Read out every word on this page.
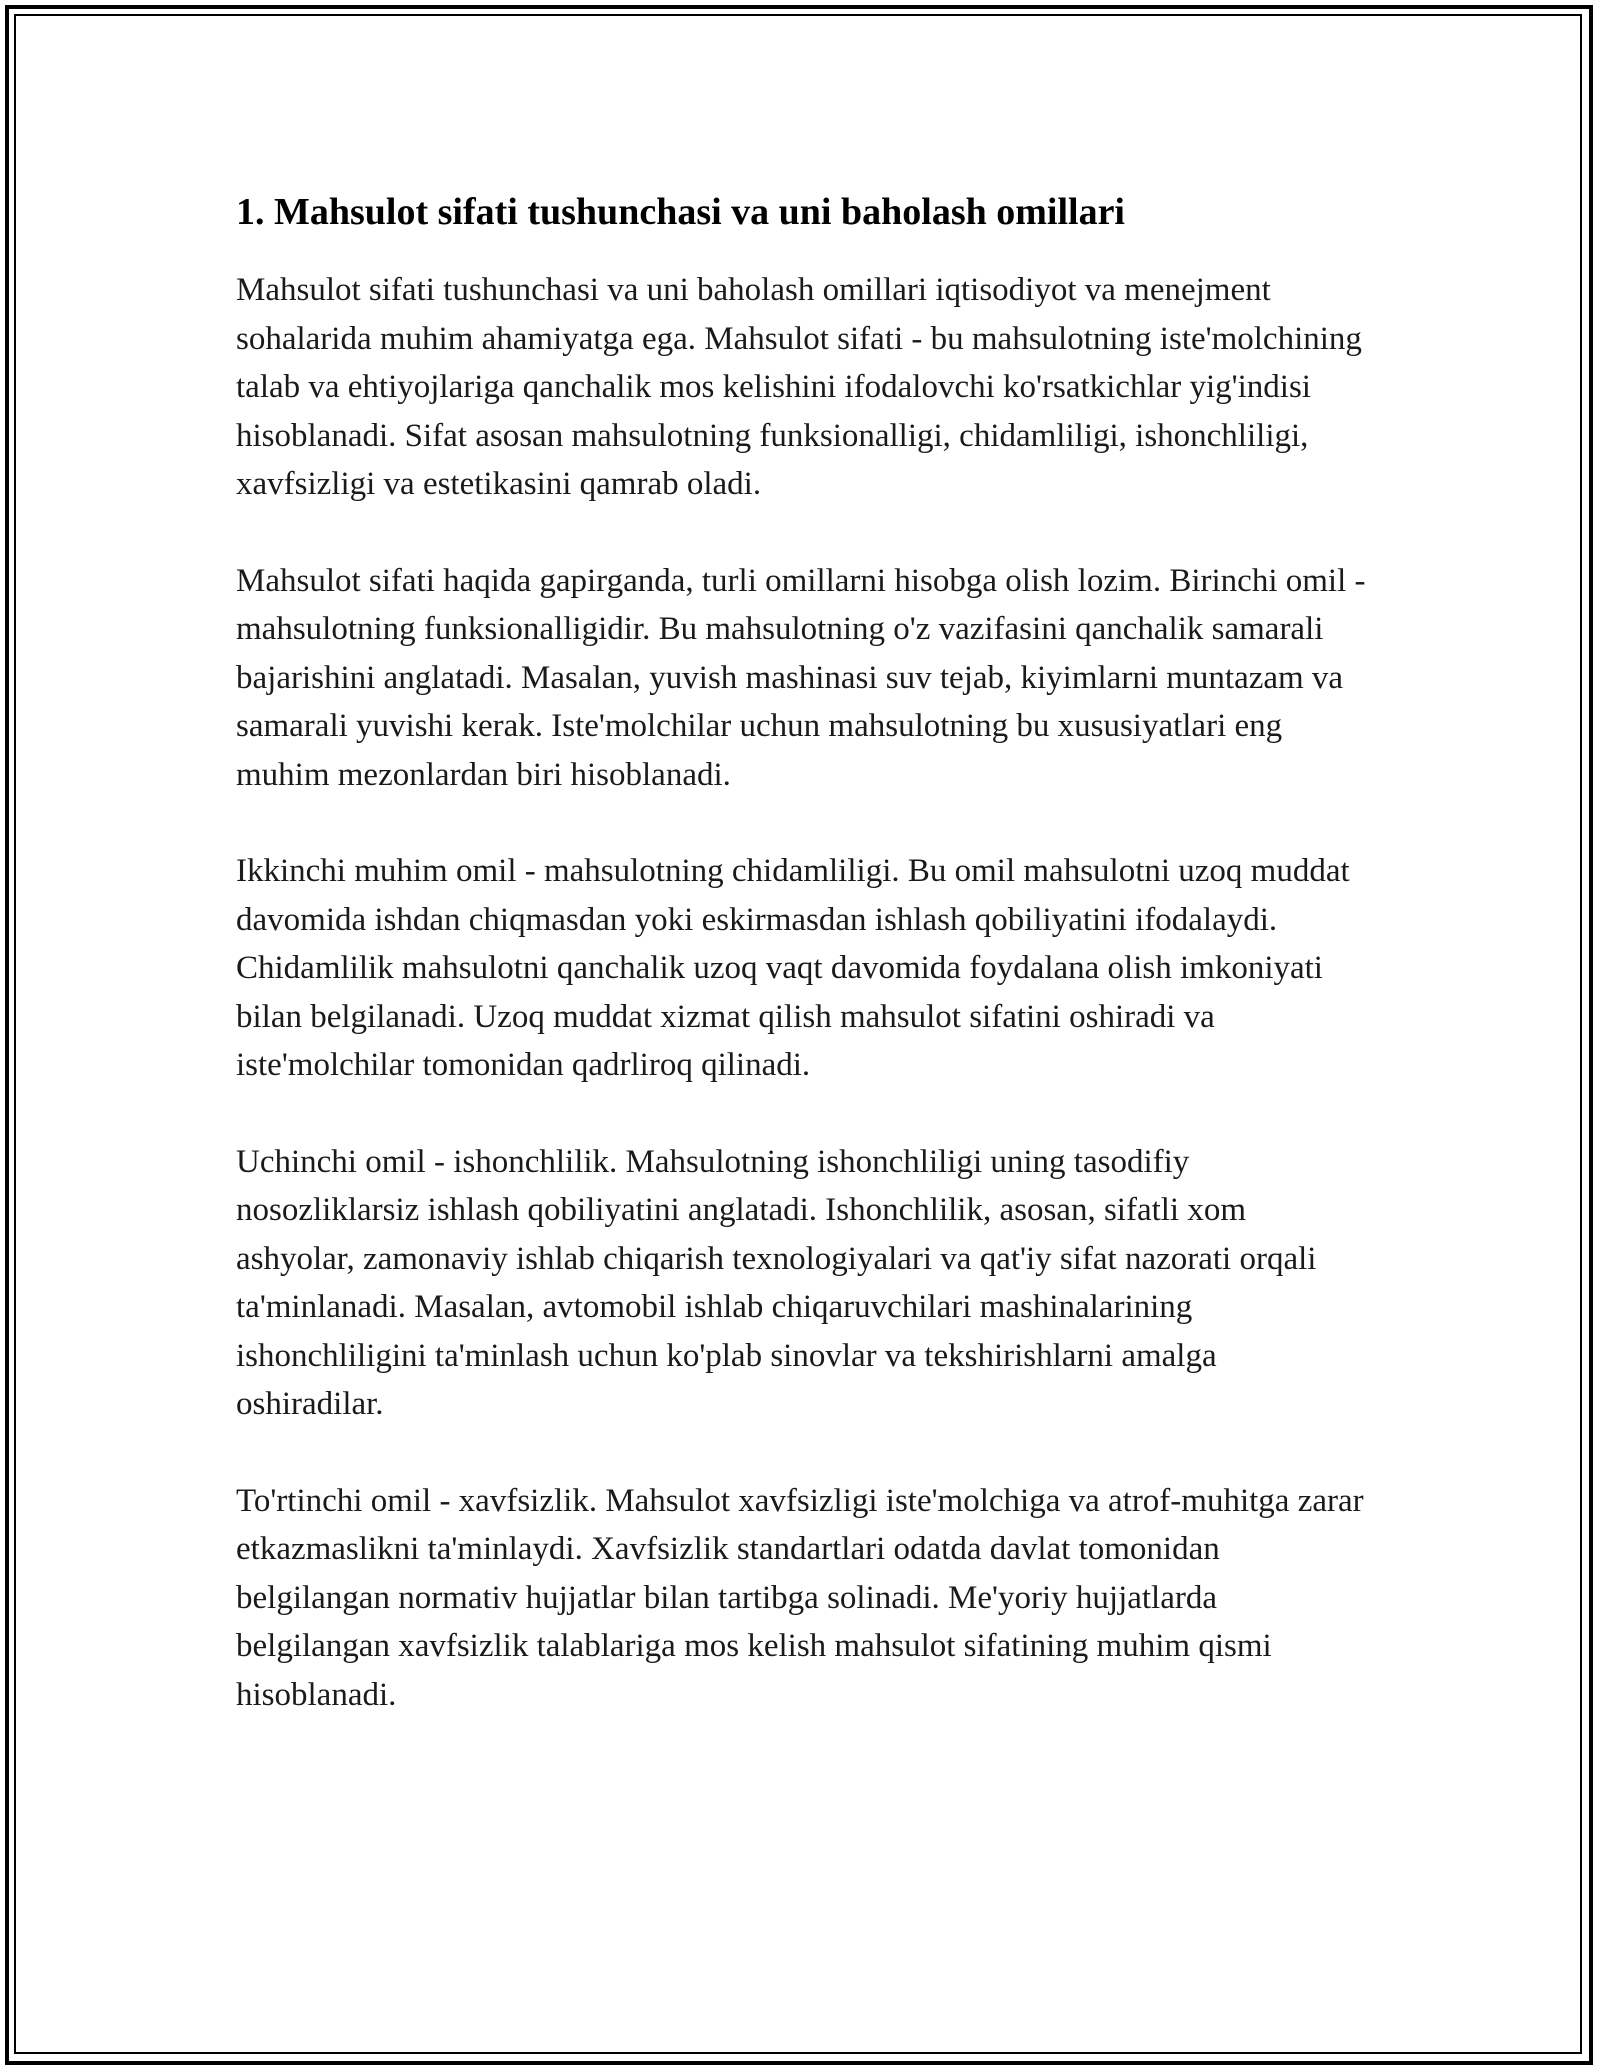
1. Mahsulot sifati tushunchasi va uni baholash omillari

Mahsulot sifati tushunchasi va uni baholash omillari iqtisodiyot va menejment sohalarida muhim ahamiyatga ega. Mahsulot sifati - bu mahsulotning iste'molchining talab va ehtiyojlariga qanchalik mos kelishini ifodalovchi ko'rsatkichlar yig'indisi hisoblanadi. Sifat asosan mahsulotning funksionalligi, chidamliligi, ishonchliligi, xavfsizligi va estetikasini qamrab oladi.

Mahsulot sifati haqida gapirganda, turli omillarni hisobga olish lozim. Birinchi omil - mahsulotning funksionalligidir. Bu mahsulotning o'z vazifasini qanchalik samarali bajarishini anglatadi. Masalan, yuvish mashinasi suv tejab, kiyimlarni muntazam va samarali yuvishi kerak. Iste'molchilar uchun mahsulotning bu xususiyatlari eng muhim mezonlardan biri hisoblanadi.

Ikkinchi muhim omil - mahsulotning chidamliligi. Bu omil mahsulotni uzoq muddat davomida ishdan chiqmasdan yoki eskirmasdan ishlash qobiliyatini ifodalaydi. Chidamlilik mahsulotni qanchalik uzoq vaqt davomida foydalana olish imkoniyati bilan belgilanadi. Uzoq muddat xizmat qilish mahsulot sifatini oshiradi va iste'molchilar tomonidan qadrliroq qilinadi.

Uchinchi omil - ishonchlilik. Mahsulotning ishonchliligi uning tasodifiy nosozliklarsiz ishlash qobiliyatini anglatadi. Ishonchlilik, asosan, sifatli xom ashyolar, zamonaviy ishlab chiqarish texnologiyalari va qat'iy sifat nazorati orqali ta'minlanadi. Masalan, avtomobil ishlab chiqaruvchilari mashinalarining ishonchliligini ta'minlash uchun ko'plab sinovlar va tekshirishlarni amalga oshiradilar.

To'rtinchi omil - xavfsizlik. Mahsulot xavfsizligi iste'molchiga va atrof-muhitga zarar etkazmaslikni ta'minlaydi. Xavfsizlik standartlari odatda davlat tomonidan belgilangan normativ hujjatlar bilan tartibga solinadi. Me'yoriy hujjatlarda belgilangan xavfsizlik talablariga mos kelish mahsulot sifatining muhim qismi hisoblanadi.
